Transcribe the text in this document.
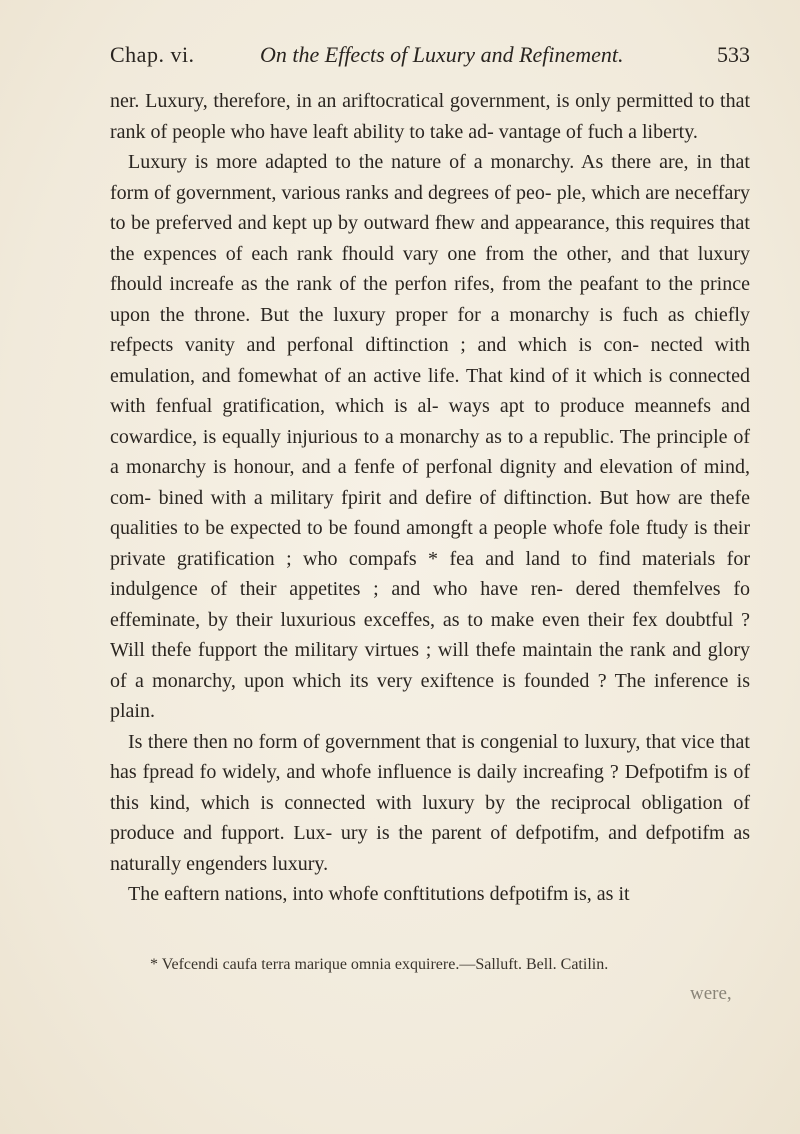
Chap. vi.	On the Effects of Luxury and Refinement.	533

ner. Luxury, therefore, in an ariftocratical government, is only permitted to that rank of people who have leaft ability to take ad- vantage of fuch a liberty.

Luxury is more adapted to the nature of a monarchy. As there are, in that form of government, various ranks and degrees of peo- ple, which are neceffary to be preferved and kept up by outward fhew and appearance, this requires that the expences of each rank fhould vary one from the other, and that luxury fhould increafe as the rank of the perfon rifes, from the peafant to the prince upon the throne. But the luxury proper for a monarchy is fuch as chiefly refpects vanity and perfonal diftinction ; and which is con- nected with emulation, and fomewhat of an active life. That kind of it which is connected with fenfual gratification, which is al- ways apt to produce meannefs and cowardice, is equally injurious to a monarchy as to a republic. The principle of a monarchy is honour, and a fenfe of perfonal dignity and elevation of mind, com- bined with a military fpirit and defire of diftinction. But how are thefe qualities to be expected to be found amongft a people whofe fole ftudy is their private gratification ; who compafs * fea and land to find materials for indulgence of their appetites ; and who have ren- dered themfelves fo effeminate, by their luxurious exceffes, as to make even their fex doubtful ? Will thefe fupport the military virtues ; will thefe maintain the rank and glory of a monarchy, upon which its very exiftence is founded ? The inference is plain.

Is there then no form of government that is congenial to luxury, that vice that has fpread fo widely, and whofe influence is daily increafing ? Defpotifm is of this kind, which is connected with luxury by the reciprocal obligation of produce and fupport. Lux- ury is the parent of defpotifm, and defpotifm as naturally engenders luxury.

The eaftern nations, into whofe conftitutions defpotifm is, as it

* Vefcendi caufa terra marique omnia exquirere.—Salluft. Bell. Catilin.
were,
